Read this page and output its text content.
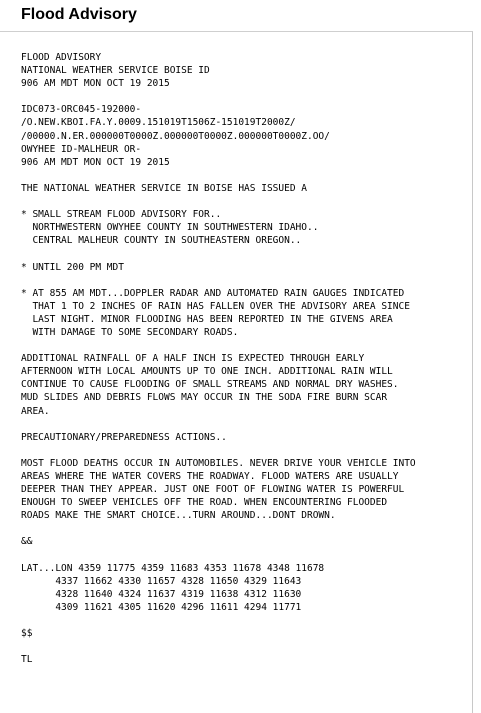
Flood Advisory
FLOOD ADVISORY
NATIONAL WEATHER SERVICE BOISE ID
906 AM MDT MON OCT 19 2015

IDC073-ORC045-192000-
/O.NEW.KBOI.FA.Y.0009.151019T1506Z-151019T2000Z/
/00000.N.ER.000000T0000Z.000000T0000Z.000000T0000Z.OO/
OWYHEE ID-MALHEUR OR-
906 AM MDT MON OCT 19 2015

THE NATIONAL WEATHER SERVICE IN BOISE HAS ISSUED A

* SMALL STREAM FLOOD ADVISORY FOR..
NORTHWESTERN OWYHEE COUNTY IN SOUTHWESTERN IDAHO..
CENTRAL MALHEUR COUNTY IN SOUTHEASTERN OREGON..

* UNTIL 200 PM MDT

* AT 855 AM MDT...DOPPLER RADAR AND AUTOMATED RAIN GAUGES INDICATED
THAT 1 TO 2 INCHES OF RAIN HAS FALLEN OVER THE ADVISORY AREA SINCE
LAST NIGHT. MINOR FLOODING HAS BEEN REPORTED IN THE GIVENS AREA
WITH DAMAGE TO SOME SECONDARY ROADS.

ADDITIONAL RAINFALL OF A HALF INCH IS EXPECTED THROUGH EARLY
AFTERNOON WITH LOCAL AMOUNTS UP TO ONE INCH. ADDITIONAL RAIN WILL
CONTINUE TO CAUSE FLOODING OF SMALL STREAMS AND NORMAL DRY WASHES.
MUD SLIDES AND DEBRIS FLOWS MAY OCCUR IN THE SODA FIRE BURN SCAR
AREA.

PRECAUTIONARY/PREPAREDNESS ACTIONS..

MOST FLOOD DEATHS OCCUR IN AUTOMOBILES. NEVER DRIVE YOUR VEHICLE INTO
AREAS WHERE THE WATER COVERS THE ROADWAY. FLOOD WATERS ARE USUALLY
DEEPER THAN THEY APPEAR. JUST ONE FOOT OF FLOWING WATER IS POWERFUL
ENOUGH TO SWEEP VEHICLES OFF THE ROAD. WHEN ENCOUNTERING FLOODED
ROADS MAKE THE SMART CHOICE...TURN AROUND...DONT DROWN.

&&

LAT...LON 4359 11775 4359 11683 4353 11678 4348 11678
4337 11662 4330 11657 4328 11650 4329 11643
4328 11640 4324 11637 4319 11638 4312 11630
4309 11621 4305 11620 4296 11611 4294 11771

$$

TL
